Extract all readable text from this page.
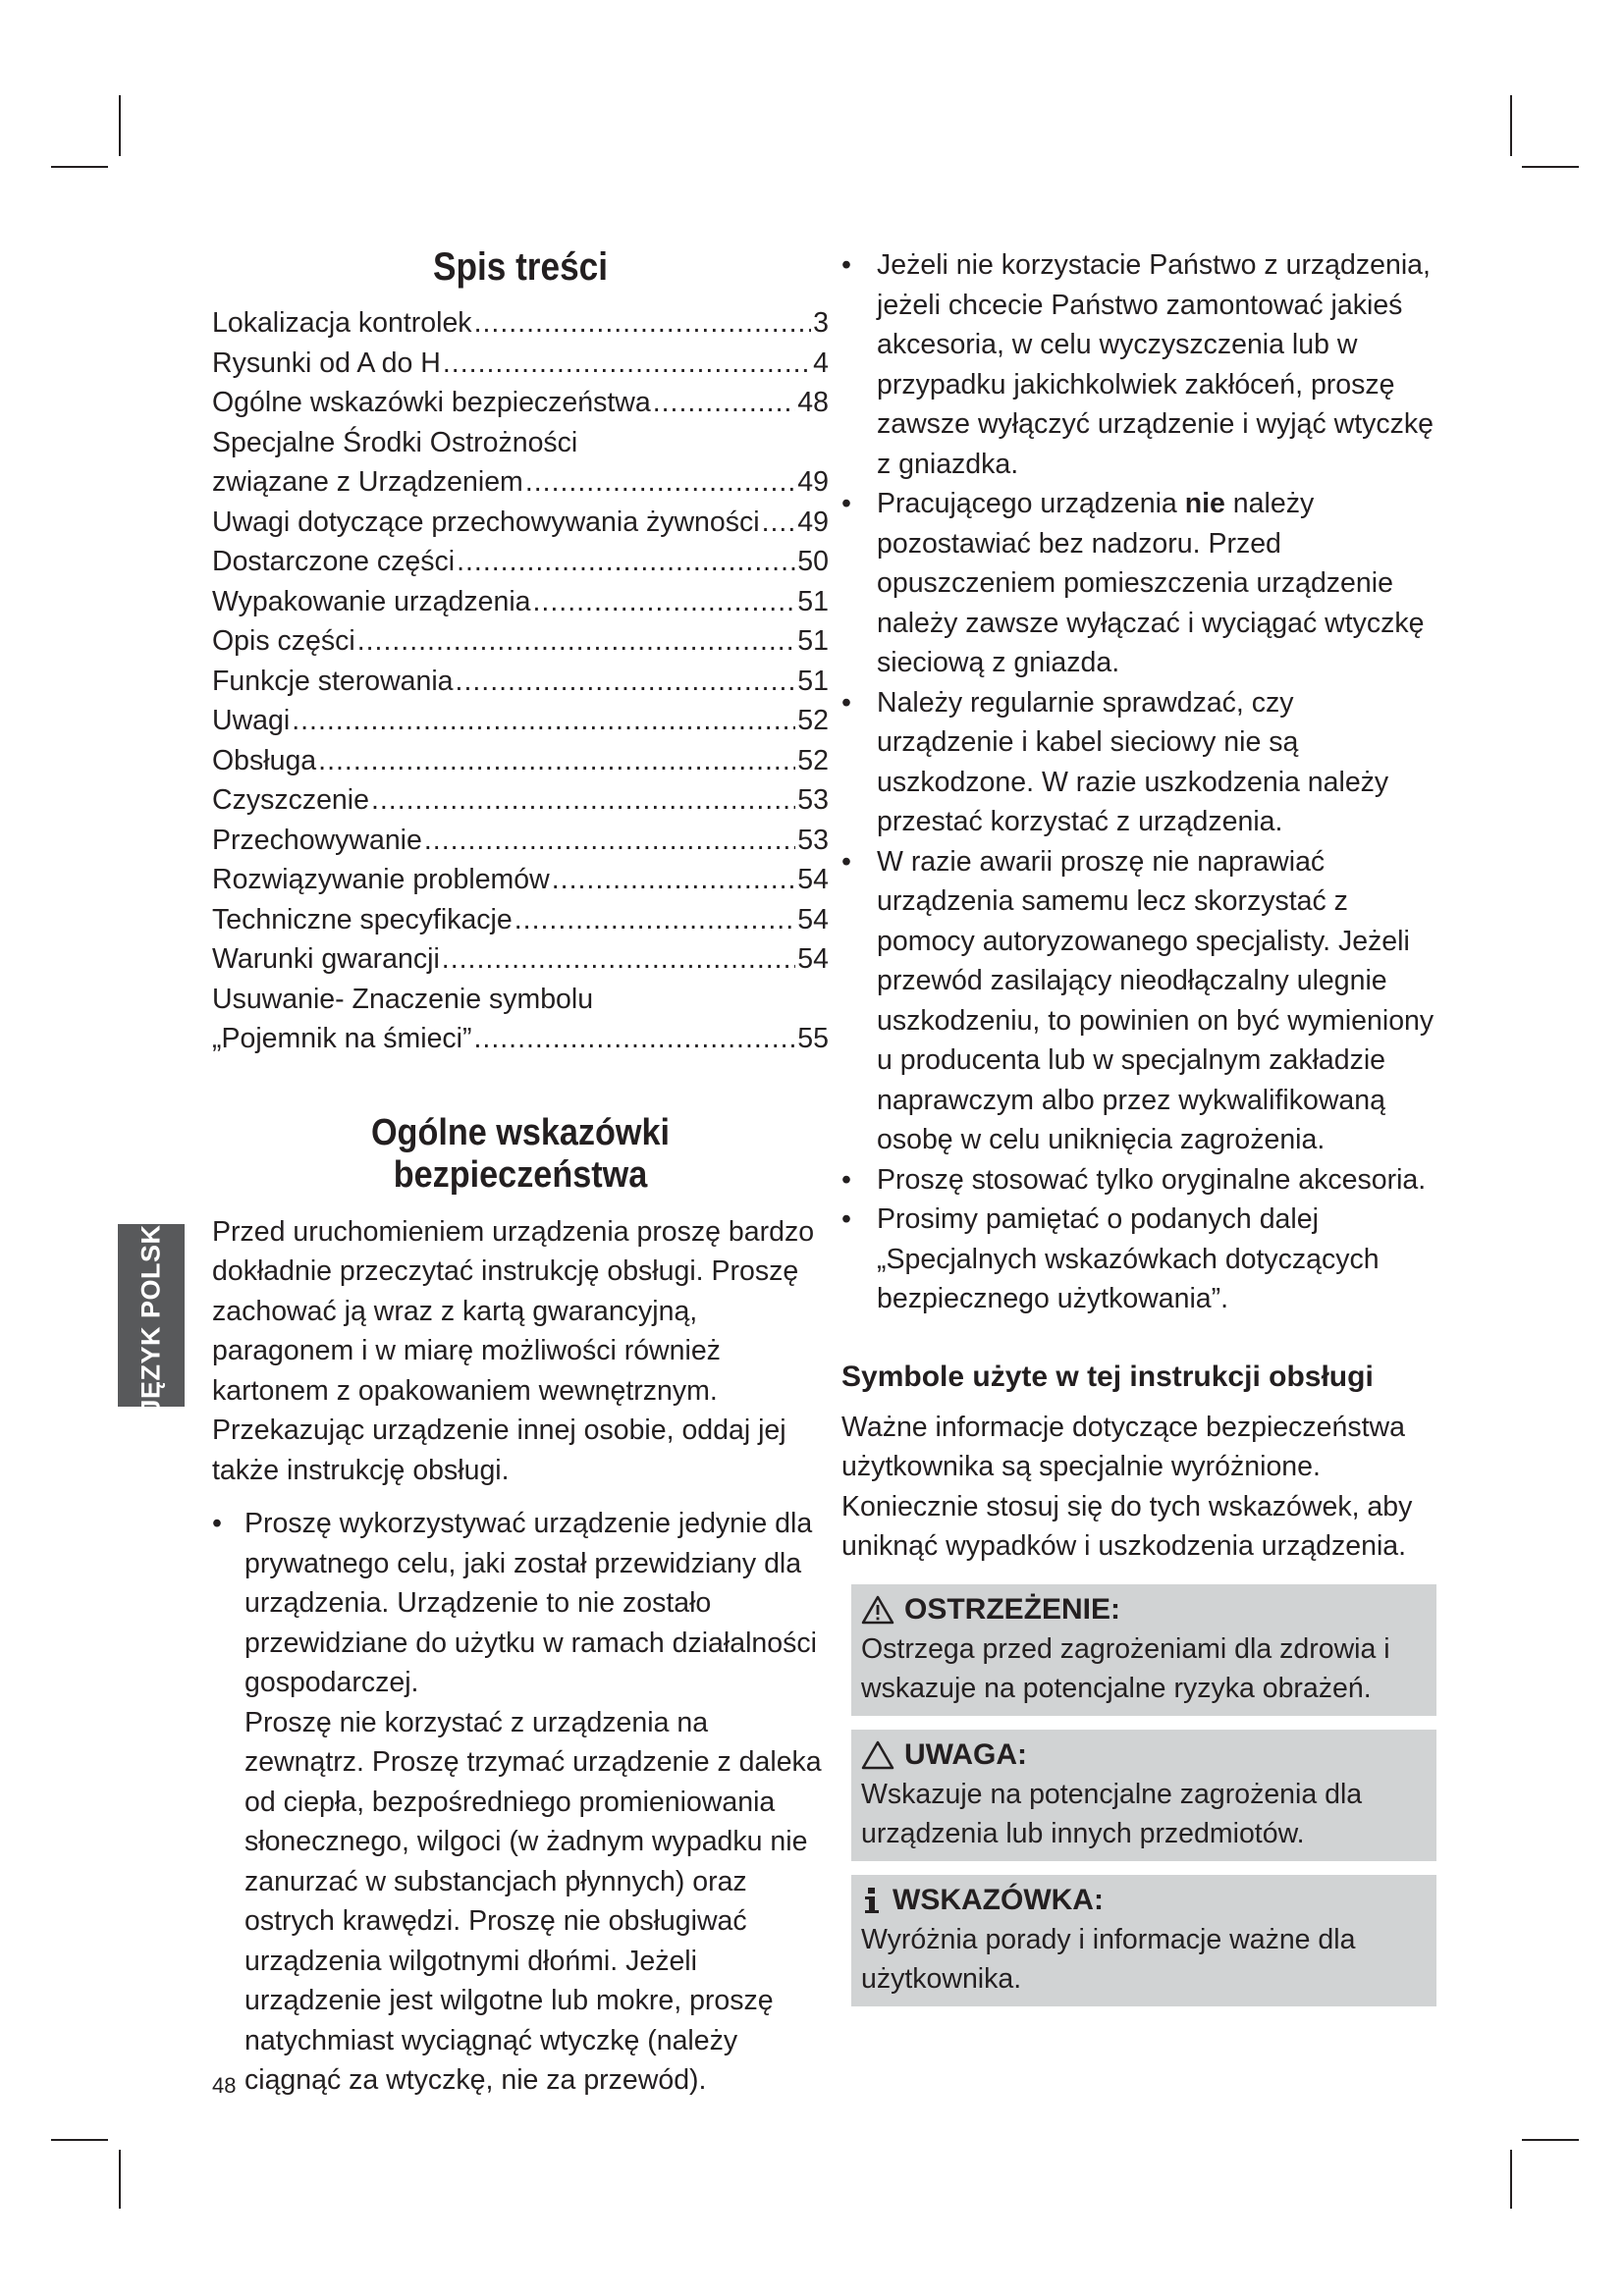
JĘZYK POLSKI
Spis treści
Lokalizacja kontrolek .....	3
Rysunki od A do H .....	4
Ogólne wskazówki bezpieczeństwa .....	48
Specjalne Środki Ostrożności
związane z Urządzeniem .....	49
Uwagi dotyczące przechowywania żywności ..... 49
Dostarczone części .....	50
Wypakowanie urządzenia .....	51
Opis części .....	51
Funkcje sterowania .....	51
Uwagi .....	52
Obsługa .....	52
Czyszczenie .....	53
Przechowywanie .....	53
Rozwiązywanie problemów .....	54
Techniczne specyfikacje .....	54
Warunki gwarancji .....	54
Usuwanie- Znaczenie symbolu
„Pojemnik na śmieci” .....	55
Ogólne wskazówki bezpieczeństwa

Przed uruchomieniem urządzenia proszę bardzo dokładnie przeczytać instrukcję obsługi. Proszę zachować ją wraz z kartą gwarancyjną, paragonem i w miarę możliwości również kartonem z opakowaniem wewnętrznym. Przekazując urządzenie innej osobie, oddaj jej także instrukcję obsługi.

• Proszę wykorzystywać urządzenie jedynie dla prywatnego celu, jaki został przewidziany dla urządzenia. Urządzenie to nie zostało przewidziane do użytku w ramach działalności gospodarczej.

Proszę nie korzystać z urządzenia na zewnątrz. Proszę trzymać urządzenie z daleka od ciepła, bezpośredniego promieniowania słonecznego, wilgoci (w żadnym wypadku nie zanurzać w substancjach płynnych) oraz ostrych krawędzi. Proszę nie obsługiwać urządzenia wilgotnymi dłońmi. Jeżeli urządzenie jest wilgotne lub mokre, proszę natychmiast wyciągnąć wtyczkę (należy ciągnąć za wtyczkę, nie za przewód).

• Jeżeli nie korzystacie Państwo z urządzenia, jeżeli chcecie Państwo zamontować jakieś akcesoria, w celu wyczyszczenia lub w przypadku jakichkolwiek zakłóceń, proszę zawsze wyłączyć urządzenie i wyjąć wtyczkę z gniazdka.
• Pracującego urządzenia nie należy pozostawiać bez nadzoru. Przed opuszczeniem pomieszczenia urządzenie należy zawsze wyłączać i wyciągać wtyczkę sieciową z gniazda.
• Należy regularnie sprawdzać, czy urządzenie i kabel sieciowy nie są uszkodzone. W razie uszkodzenia należy przestać korzystać z urządzenia.
• W razie awarii proszę nie naprawiać urządzenia samemu lecz skorzystać z pomocy autoryzowanego specjalisty. Jeżeli przewód zasilający nieodłączalny ulegnie uszkodzeniu, to powinien on być wymieniony u producenta lub w specjalnym zakładzie naprawczym albo przez wykwalifikowaną osobę w celu uniknięcia zagrożenia.
• Proszę stosować tylko oryginalne akcesoria.
• Prosimy pamiętać o podanych dalej „Specjalnych wskazówkach dotyczących bezpiecznego użytkowania”.
Symbole użyte w tej instrukcji obsługi

Ważne informacje dotyczące bezpieczeństwa użytkownika są specjalnie wyróżnione. Koniecznie stosuj się do tych wskazówek, aby uniknąć wypadków i uszkodzenia urządzenia.

OSTRZEŻENIE:
Ostrzega przed zagrożeniami dla zdrowia i wskazuje na potencjalne ryzyka obrażeń.
UWAGA:
Wskazuje na potencjalne zagrożenia dla urządzenia lub innych przedmiotów.
WSKAZÓWKA:
Wyróżnia porady i informacje ważne dla użytkownika.
48
